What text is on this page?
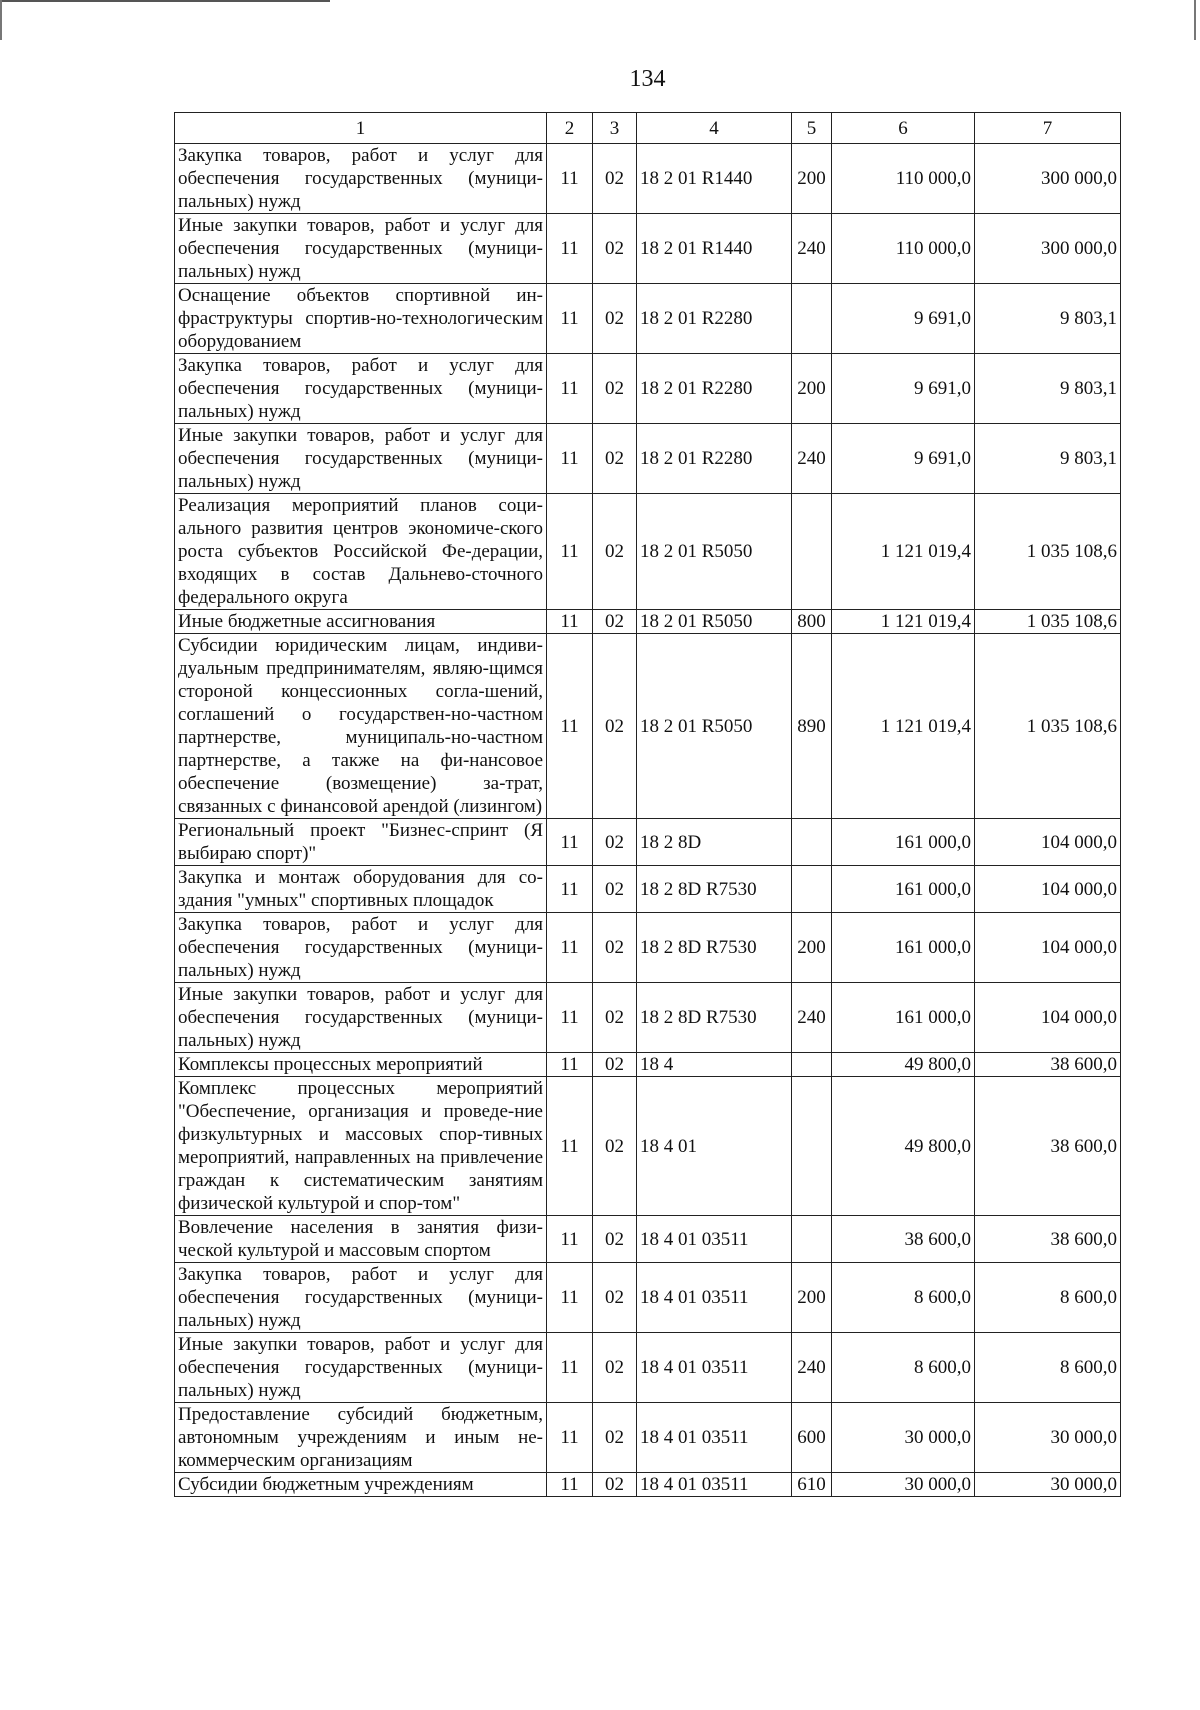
134
1	2	3	4	5	6	7
Закупка товаров, работ и услуг для обеспечения государственных (муници-пальных) нужд	11	02	18 2 01 R1440	200	110 000,0	300 000,0
Иные закупки товаров, работ и услуг для обеспечения государственных (муници-пальных) нужд	11	02	18 2 01 R1440	240	110 000,0	300 000,0
Оснащение объектов спортивной ин-фраструктуры спортив-но-технологическим оборудованием	11	02	18 2 01 R2280		9 691,0	9 803,1
Закупка товаров, работ и услуг для обеспечения государственных (муници-пальных) нужд	11	02	18 2 01 R2280	200	9 691,0	9 803,1
Иные закупки товаров, работ и услуг для обеспечения государственных (муници-пальных) нужд	11	02	18 2 01 R2280	240	9 691,0	9 803,1
Реализация мероприятий планов соци-ального развития центров экономиче-ского роста субъектов Российской Фе-дерации, входящих в состав Дальнево-сточного федерального округа	11	02	18 2 01 R5050		1 121 019,4	1 035 108,6
Иные бюджетные ассигнования	11	02	18 2 01 R5050	800	1 121 019,4	1 035 108,6
Субсидии юридическим лицам, индиви-дуальным предпринимателям, являю-щимся стороной концессионных согла-шений, соглашений о государствен-но-частном партнерстве, муниципаль-но-частном партнерстве, а также на фи-нансовое обеспечение (возмещение) за-трат, связанных с финансовой арендой (лизингом)	11	02	18 2 01 R5050	890	1 121 019,4	1 035 108,6
Региональный проект "Бизнес-спринт (Я выбираю спорт)"	11	02	18 2 8D		161 000,0	104 000,0
Закупка и монтаж оборудования для со-здания "умных" спортивных площадок	11	02	18 2 8D R7530		161 000,0	104 000,0
Закупка товаров, работ и услуг для обеспечения государственных (муници-пальных) нужд	11	02	18 2 8D R7530	200	161 000,0	104 000,0
Иные закупки товаров, работ и услуг для обеспечения государственных (муници-пальных) нужд	11	02	18 2 8D R7530	240	161 000,0	104 000,0
Комплексы процессных мероприятий	11	02	18 4		49 800,0	38 600,0
Комплекс процессных мероприятий "Обеспечение, организация и проведе-ние физкультурных и массовых спор-тивных мероприятий, направленных на привлечение граждан к систематическим занятиям физической культурой и спор-том"	11	02	18 4 01		49 800,0	38 600,0
Вовлечение населения в занятия физи-ческой культурой и массовым спортом	11	02	18 4 01 03511		38 600,0	38 600,0
Закупка товаров, работ и услуг для обеспечения государственных (муници-пальных) нужд	11	02	18 4 01 03511	200	8 600,0	8 600,0
Иные закупки товаров, работ и услуг для обеспечения государственных (муници-пальных) нужд	11	02	18 4 01 03511	240	8 600,0	8 600,0
Предоставление субсидий бюджетным, автономным учреждениям и иным не-коммерческим организациям	11	02	18 4 01 03511	600	30 000,0	30 000,0
Субсидии бюджетным учреждениям	11	02	18 4 01 03511	610	30 000,0	30 000,0
